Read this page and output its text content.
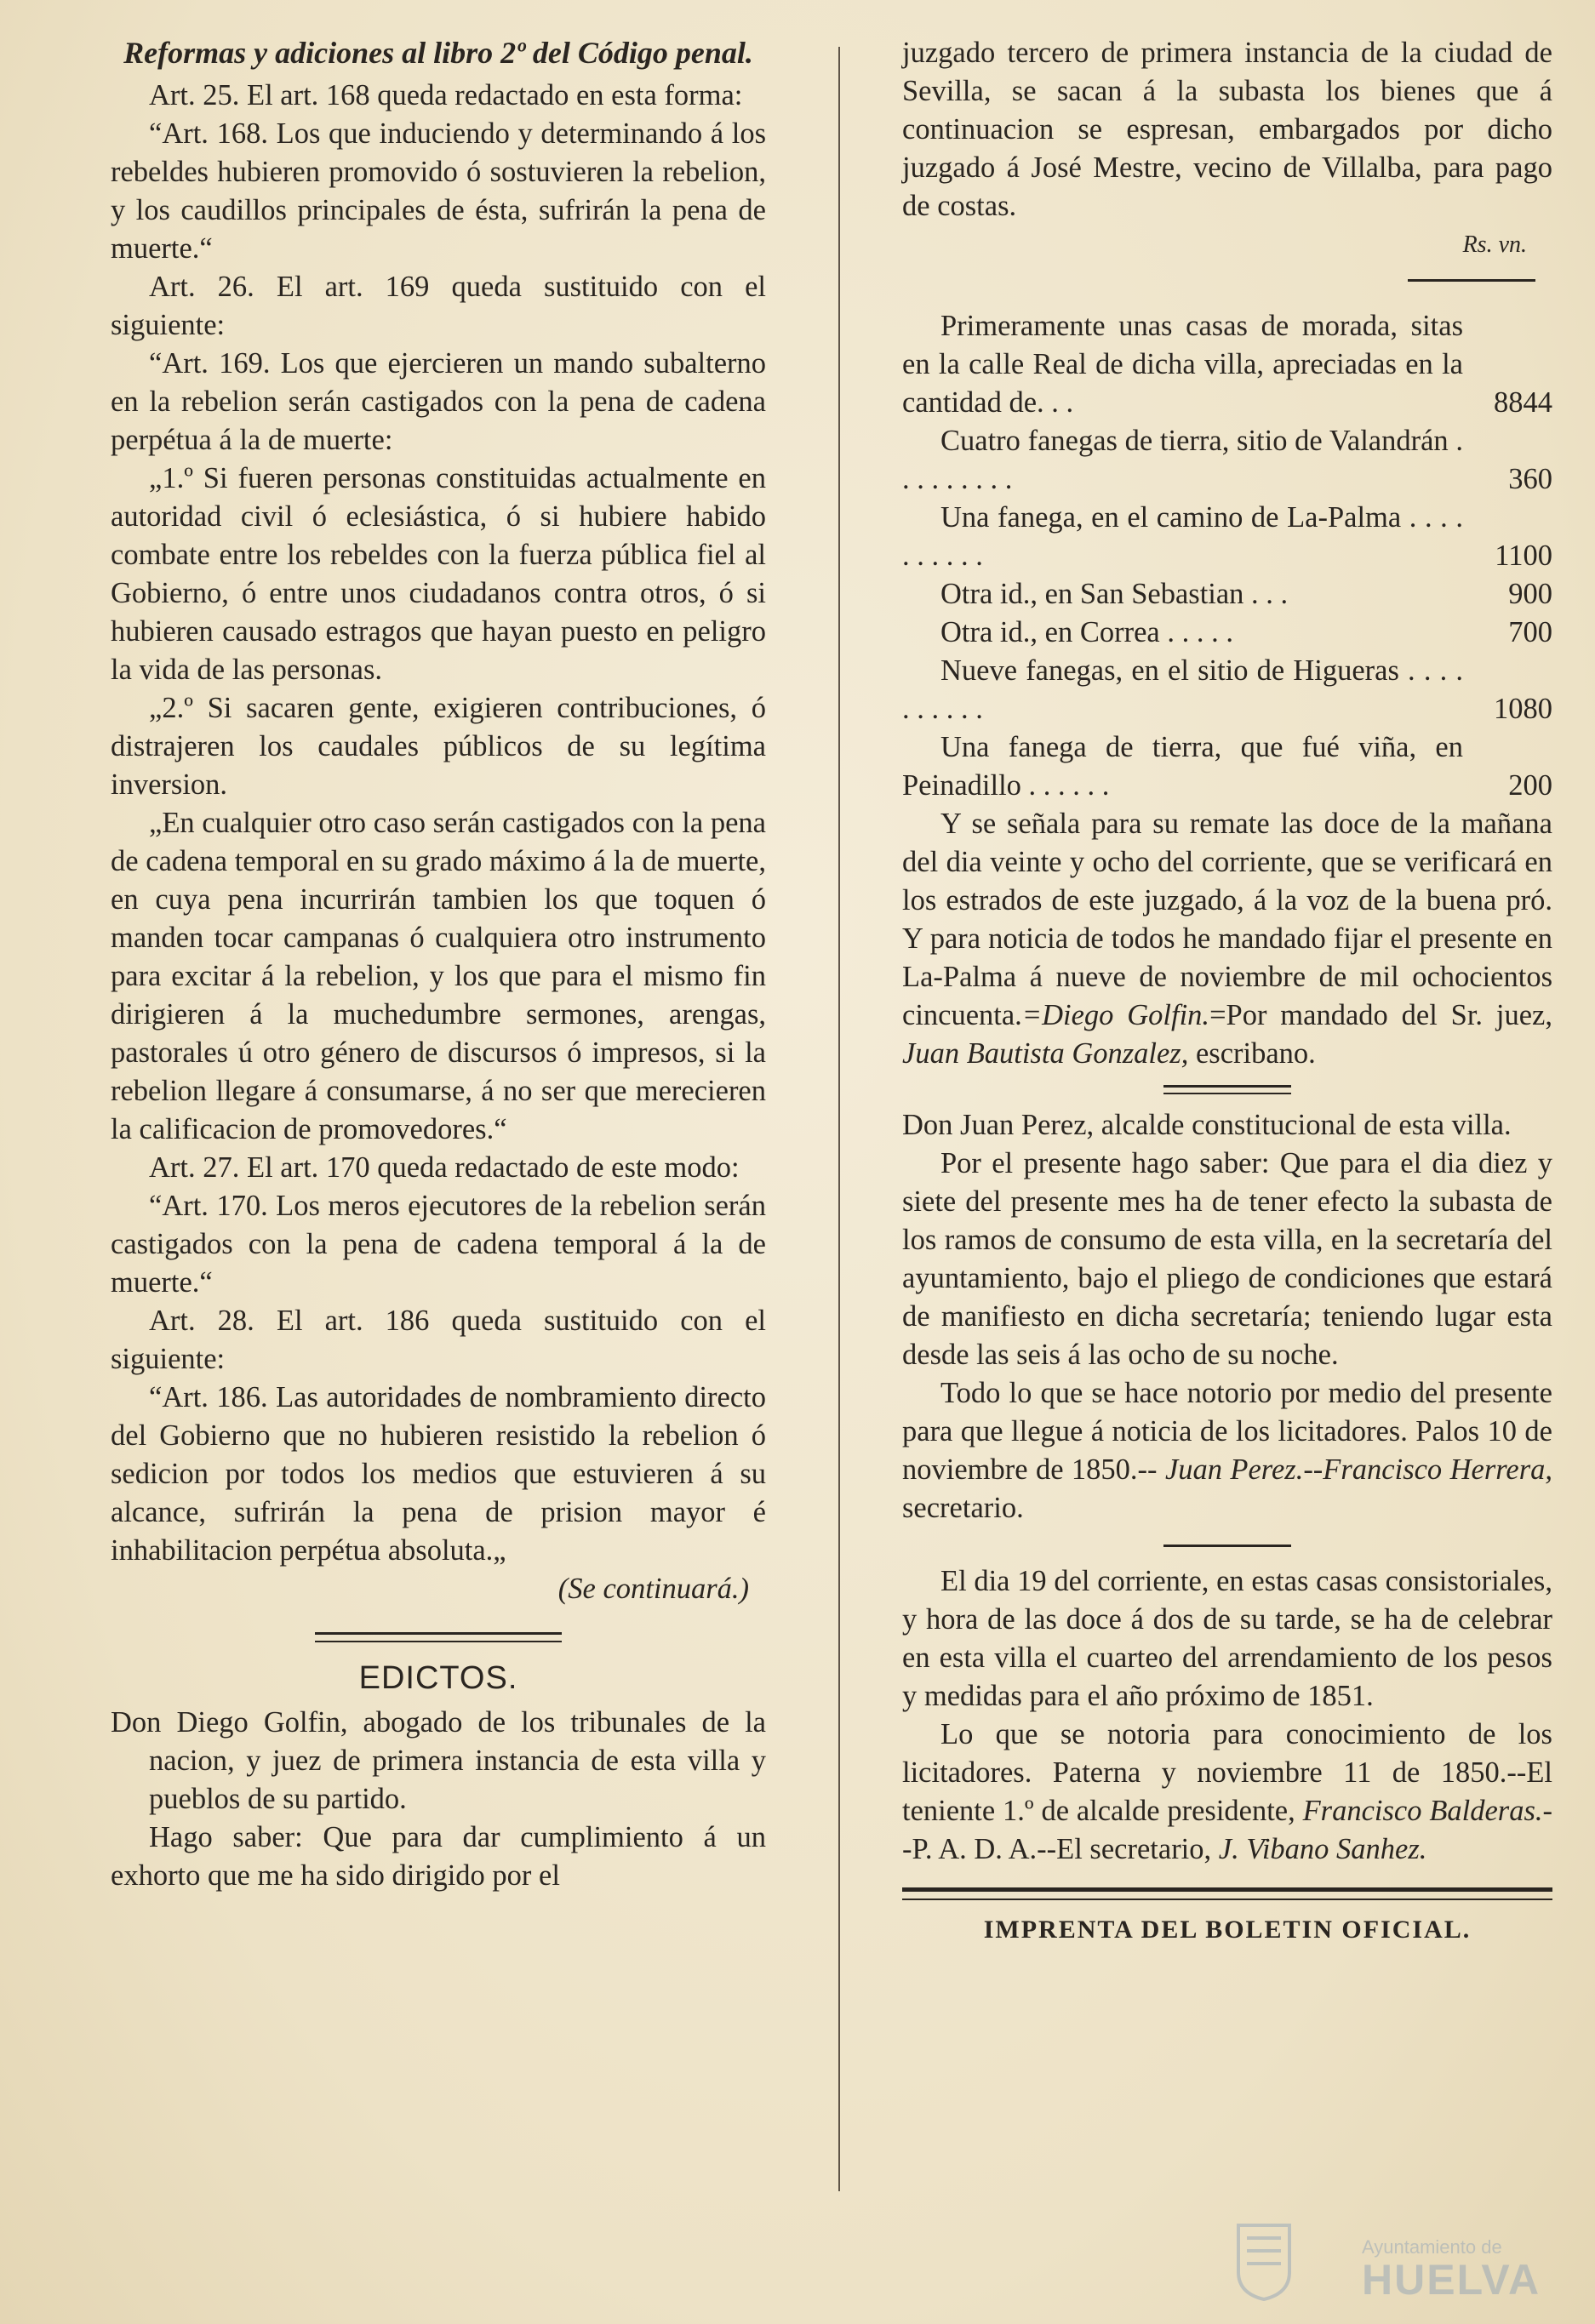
Reformas y adiciones al libro 2º del Código penal.

Art. 25. El art. 168 queda redactado en esta forma:

“Art. 168. Los que induciendo y determinando á los rebeldes hubieren promovido ó sostuvieren la rebelion, y los caudillos principales de ésta, sufrirán la pena de muerte.“

Art. 26. El art. 169 queda sustituido con el siguiente:

“Art. 169. Los que ejercieren un mando subalterno en la rebelion serán castigados con la pena de cadena perpétua á la de muerte:

„1.º Si fueren personas constituidas actualmente en autoridad civil ó eclesiástica, ó si hubiere habido combate entre los rebeldes con la fuerza pública fiel al Gobierno, ó entre unos ciudadanos contra otros, ó si hubieren causado estragos que hayan puesto en peligro la vida de las personas.

„2.º Si sacaren gente, exigieren contribuciones, ó distrajeren los caudales públicos de su legítima inversion.

„En cualquier otro caso serán castigados con la pena de cadena temporal en su grado máximo á la de muerte, en cuya pena incurrirán tambien los que toquen ó manden tocar campanas ó cualquiera otro instrumento para excitar á la rebelion, y los que para el mismo fin dirigieren á la muchedumbre sermones, arengas, pastorales ú otro género de discursos ó impresos, si la rebelion llegare á consumarse, á no ser que merecieren la calificacion de promovedores.“

Art. 27. El art. 170 queda redactado de este modo:

“Art. 170. Los meros ejecutores de la rebelion serán castigados con la pena de cadena temporal á la de muerte.“

Art. 28. El art. 186 queda sustituido con el siguiente:

“Art. 186. Las autoridades de nombramiento directo del Gobierno que no hubieren resistido la rebelion ó sedicion por todos los medios que estuvieren á su alcance, sufrirán la pena de prision mayor é inhabilitacion perpétua absoluta.„

(Se continuará.)

EDICTOS.

Don Diego Golfin, abogado de los tribunales de la nacion, y juez de primera instancia de esta villa y pueblos de su partido.

Hago saber: Que para dar cumplimiento á un exhorto que me ha sido dirigido por el

juzgado tercero de primera instancia de la ciudad de Sevilla, se sacan á la subasta los bienes que á continuacion se espresan, embargados por dicho juzgado á José Mestre, vecino de Villalba, para pago de costas.

Rs. vn.
Primeramente unas casas de morada, sitas en la calle Real de dicha villa, apreciadas en la cantidad de. . .	8844
Cuatro fanegas de tierra, sitio de Valandrán . . . . . . . . .	360
Una fanega, en el camino de La-Palma . . . . . . . . . .	1100
Otra id., en San Sebastian . . .	900
Otra id., en Correa . . . . .	700
Nueve fanegas, en el sitio de Higueras . . . . . . . . . .	1080
Una fanega de tierra, que fué viña, en Peinadillo . . . . . .	200

Y se señala para su remate las doce de la mañana del dia veinte y ocho del corriente, que se verificará en los estrados de este juzgado, á la voz de la buena pró. Y para noticia de todos he mandado fijar el presente en La-Palma á nueve de noviembre de mil ochocientos cincuenta.=Diego Golfin.=Por mandado del Sr. juez, Juan Bautista Gonzalez, escribano.

Don Juan Perez, alcalde constitucional de esta villa.

Por el presente hago saber: Que para el dia diez y siete del presente mes ha de tener efecto la subasta de los ramos de consumo de esta villa, en la secretaría del ayuntamiento, bajo el pliego de condiciones que estará de manifiesto en dicha secretaría; teniendo lugar esta desde las seis á las ocho de su noche.

Todo lo que se hace notorio por medio del presente para que llegue á noticia de los licitadores. Palos 10 de noviembre de 1850.-- Juan Perez.--Francisco Herrera, secretario.

El dia 19 del corriente, en estas casas consistoriales, y hora de las doce á dos de su tarde, se ha de celebrar en esta villa el cuarteo del arrendamiento de los pesos y medidas para el año próximo de 1851.

Lo que se notoria para conocimiento de los licitadores. Paterna y noviembre 11 de 1850.--El teniente 1.º de alcalde presidente, Francisco Balderas.--P. A. D. A.--El secretario, J. Vibano Sanhez.

IMPRENTA DEL BOLETIN OFICIAL.
Ayuntamiento de
HUELVA
